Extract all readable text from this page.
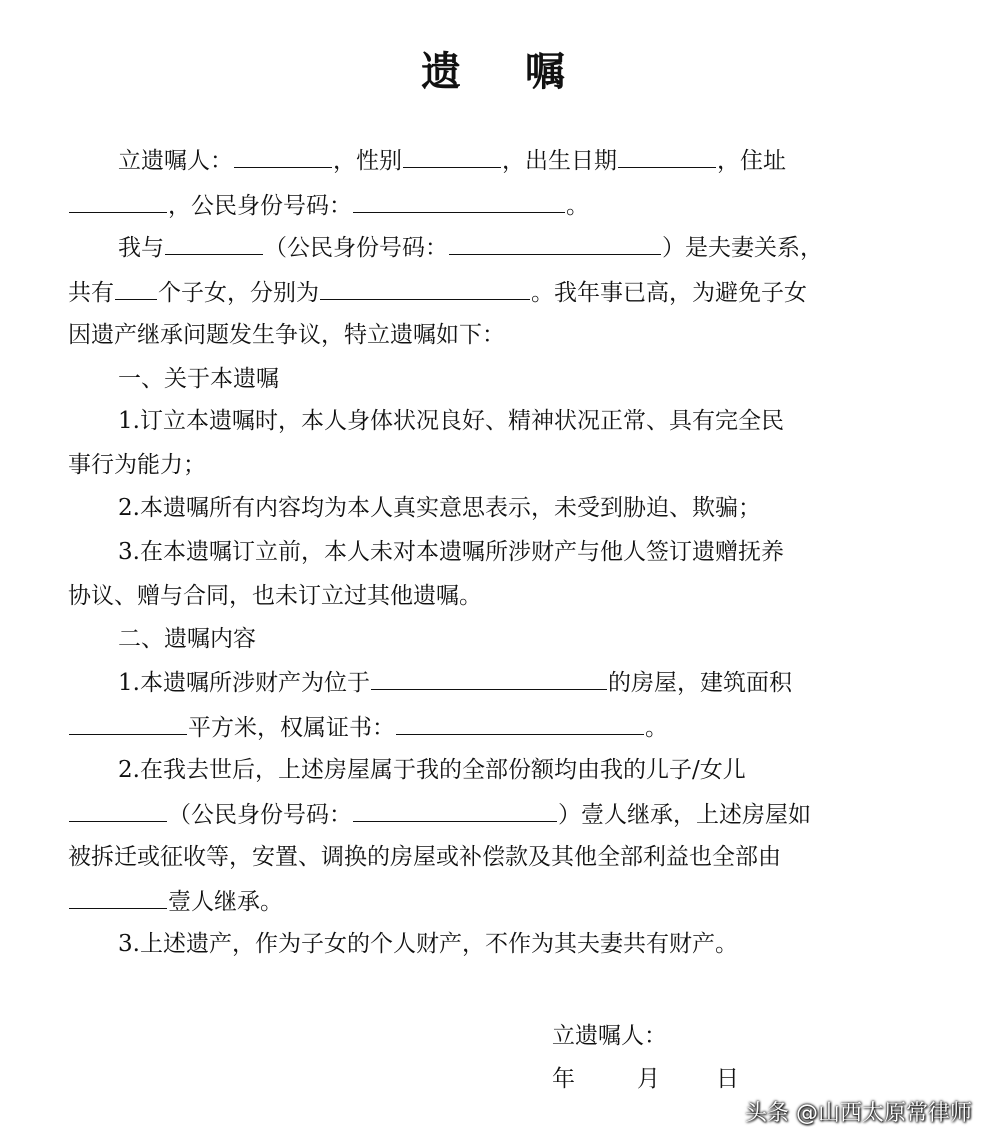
遗 嘱
立遗嘱人：	，性别	，出生日期	，住址
，公民身份号码：	。
我与	（公民身份号码：	）是夫妻关系，
共有 个子女，分别为	。我年事已高，为避免子女
因遗产继承问题发生争议，特立遗嘱如下：
一、关于本遗嘱
1.订立本遗嘱时，本人身体状况良好、精神状况正常、具有完全民
事行为能力；
2.本遗嘱所有内容均为本人真实意思表示，未受到胁迫、欺骗；
3.在本遗嘱订立前，本人未对本遗嘱所涉财产与他人签订遗赠抚养
协议、赠与合同，也未订立过其他遗嘱。
二、遗嘱内容
1.本遗嘱所涉财产为位于	的房屋，建筑面积
平方米，权属证书：	。
2.在我去世后，上述房屋属于我的全部份额均由我的儿子/女儿
（公民身份号码：	）壹人继承，上述房屋如
被拆迁或征收等，安置、调换的房屋或补偿款及其他全部利益也全部由
壹人继承。
3.上述遗产，作为子女的个人财产，不作为其夫妻共有财产。
立遗嘱人：
年	月 日
头条 @山西太原常律师
